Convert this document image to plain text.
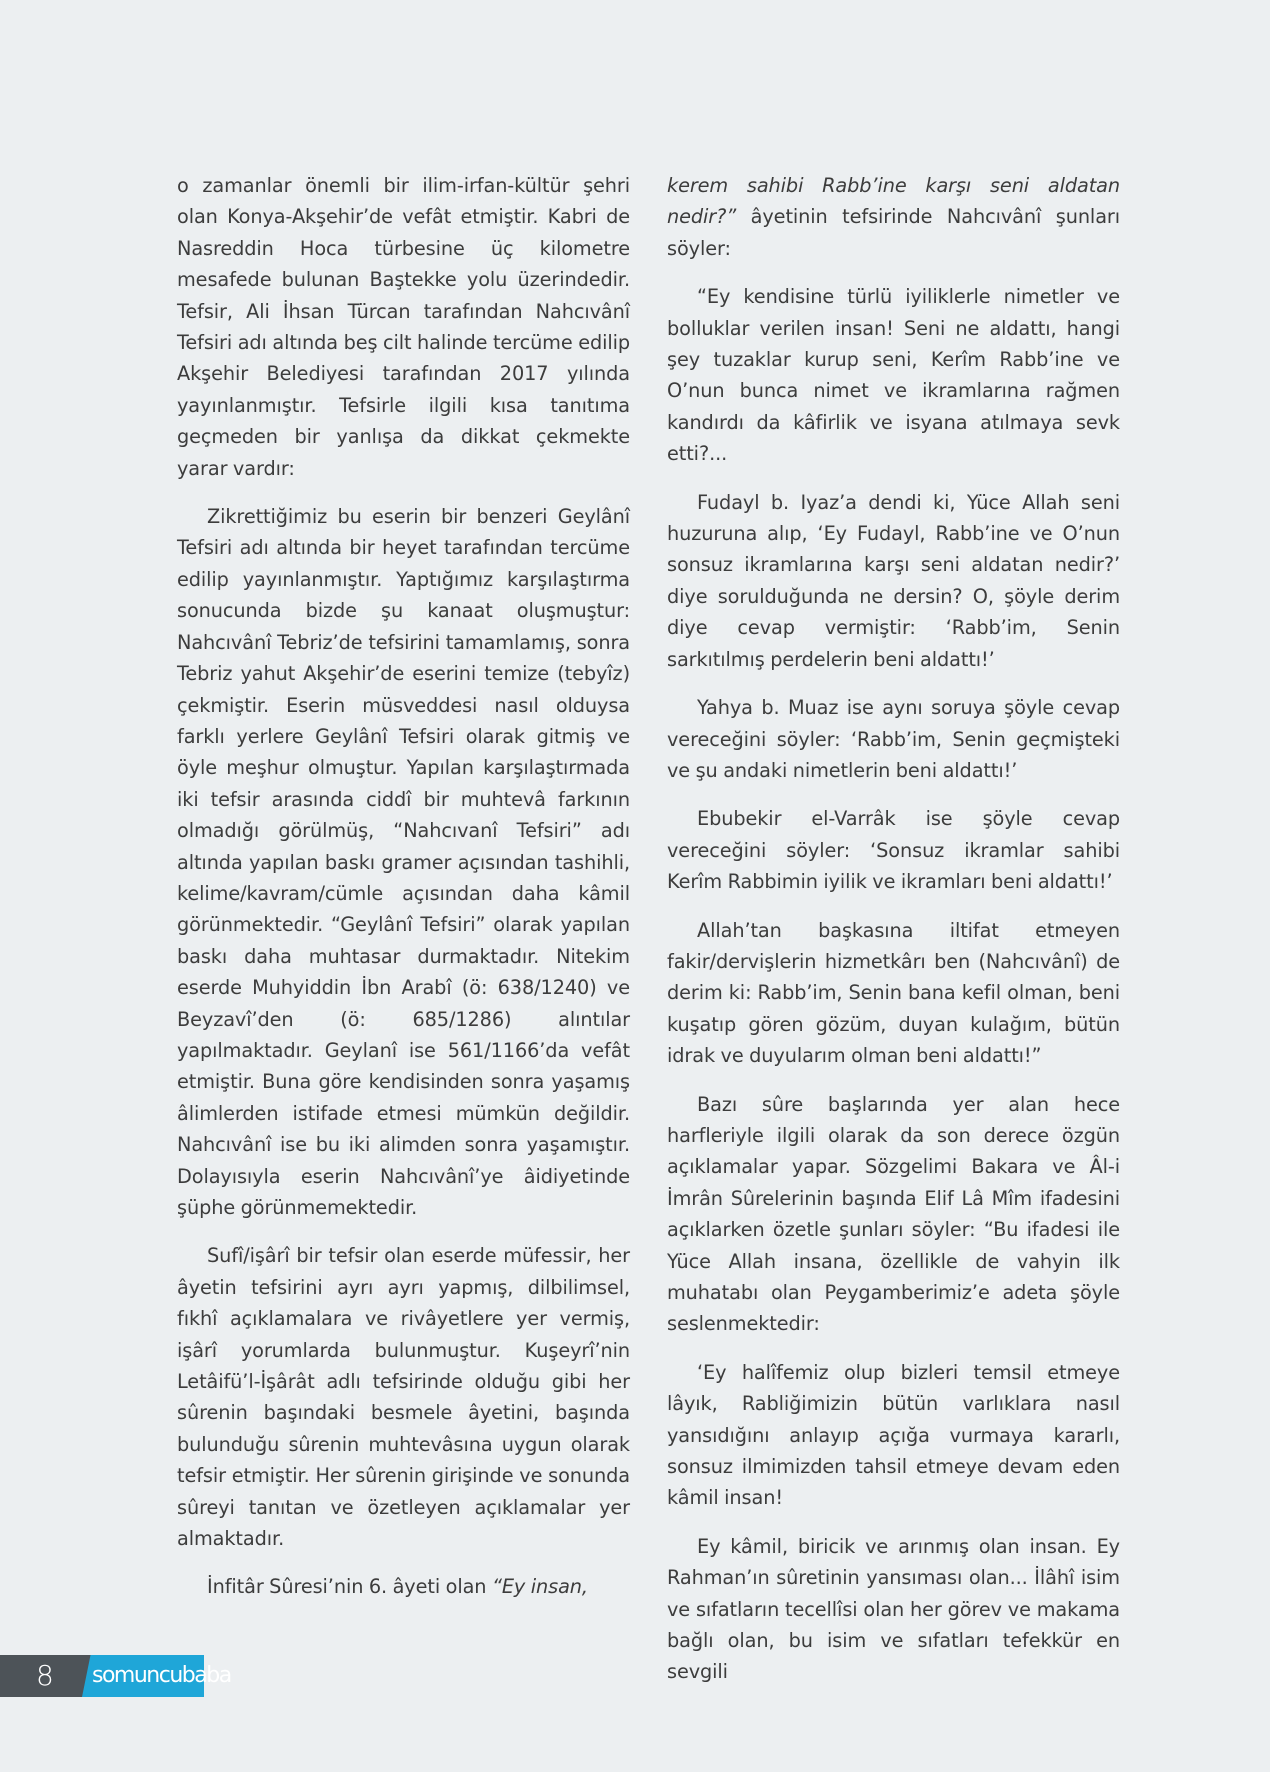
o zamanlar önemli bir ilim-irfan-kültür şehri olan Konya-Akşehir’de vefât etmiştir. Kabri de Nasreddin Hoca türbesine üç kilometre mesafede bulunan Baştekke yolu üzerindedir. Tefsir, Ali İhsan Türcan tarafından Nahcıvânî Tefsiri adı altında beş cilt halinde tercüme edilip Akşehir Belediyesi tarafından 2017 yılında yayınlanmıştır. Tefsirle ilgili kısa tanıtıma geçmeden bir yanlışa da dikkat çekmekte yarar vardır:

Zikrettiğimiz bu eserin bir benzeri Geylânî Tefsiri adı altında bir heyet tarafından tercüme edilip yayınlanmıştır. Yaptığımız karşılaştırma sonucunda bizde şu kanaat oluşmuştur: Nahcıvânî Tebriz’de tefsirini tamamlamış, sonra Tebriz yahut Akşehir’de eserini temize (tebyîz) çekmiştir. Eserin müsveddesi nasıl olduysa farklı yerlere Geylânî Tefsiri olarak gitmiş ve öyle meşhur olmuştur. Yapılan karşılaştırmada iki tefsir arasında ciddî bir muhtevâ farkının olmadığı görülmüş, “Nahcıvanî Tefsiri” adı altında yapılan baskı gramer açısından tashihli, kelime/kavram/cümle açısından daha kâmil görünmektedir. “Geylânî Tefsiri” olarak yapılan baskı daha muhtasar durmaktadır. Nitekim eserde Muhyiddin İbn Arabî (ö: 638/1240) ve Beyzavî’den (ö: 685/1286) alıntılar yapılmaktadır. Geylanî ise 561/1166’da vefât etmiştir. Buna göre kendisinden sonra yaşamış âlimlerden istifade etmesi mümkün değildir. Nahcıvânî ise bu iki alimden sonra yaşamıştır. Dolayısıyla eserin Nahcıvânî’ye âidiyetinde şüphe görünmemektedir.

Sufî/işârî bir tefsir olan eserde müfessir, her âyetin tefsirini ayrı ayrı yapmış, dilbilimsel, fıkhî açıklamalara ve rivâyetlere yer vermiş, işârî yorumlarda bulunmuştur. Kuşeyrî’nin Letâifü’l-İşârât adlı tefsirinde olduğu gibi her sûrenin başındaki besmele âyetini, başında bulunduğu sûrenin muhtevâsına uygun olarak tefsir etmiştir. Her sûrenin girişinde ve sonunda sûreyi tanıtan ve özetleyen açıklamalar yer almaktadır.

İnfitâr Sûresi’nin 6. âyeti olan “Ey insan,

kerem sahibi Rabb’ine karşı seni aldatan nedir?” âyetinin tefsirinde Nahcıvânî şunları söyler:

“Ey kendisine türlü iyiliklerle nimetler ve bolluklar verilen insan! Seni ne aldattı, hangi şey tuzaklar kurup seni, Kerîm Rabb’ine ve O’nun bunca nimet ve ikramlarına rağmen kandırdı da kâfirlik ve isyana atılmaya sevk etti?...

Fudayl b. Iyaz’a dendi ki, Yüce Allah seni huzuruna alıp, ‘Ey Fudayl, Rabb’ine ve O’nun sonsuz ikramlarına karşı seni aldatan nedir?’ diye sorulduğunda ne dersin? O, şöyle derim diye cevap vermiştir: ‘Rabb’im, Senin sarkıtılmış perdelerin beni aldattı!’

Yahya b. Muaz ise aynı soruya şöyle cevap vereceğini söyler: ‘Rabb’im, Senin geçmişteki ve şu andaki nimetlerin beni aldattı!’

Ebubekir el-Varrâk ise şöyle cevap vereceğini söyler: ‘Sonsuz ikramlar sahibi Kerîm Rabbimin iyilik ve ikramları beni aldattı!’

Allah’tan başkasına iltifat etmeyen fakir/dervişlerin hizmetkârı ben (Nahcıvânî) de derim ki: Rabb’im, Senin bana kefil olman, beni kuşatıp gören gözüm, duyan kulağım, bütün idrak ve duyularım olman beni aldattı!”

Bazı sûre başlarında yer alan hece harfleriyle ilgili olarak da son derece özgün açıklamalar yapar. Sözgelimi Bakara ve Âl-i İmrân Sûrelerinin başında Elif Lâ Mîm ifadesini açıklarken özetle şunları söyler: “Bu ifadesi ile Yüce Allah insana, özellikle de vahyin ilk muhatabı olan Peygamberimiz’e adeta şöyle seslenmektedir:

‘Ey halîfemiz olup bizleri temsil etmeye lâyık, Rabliğimizin bütün varlıklara nasıl yansıdığını anlayıp açığa vurmaya kararlı, sonsuz ilmimizden tahsil etmeye devam eden kâmil insan!

Ey kâmil, biricik ve arınmış olan insan. Ey Rahman’ın sûretinin yansıması olan... İlâhî isim ve sıfatların tecellîsi olan her görev ve makama bağlı olan, bu isim ve sıfatları tefekkür en sevgili

8 somuncubaba
